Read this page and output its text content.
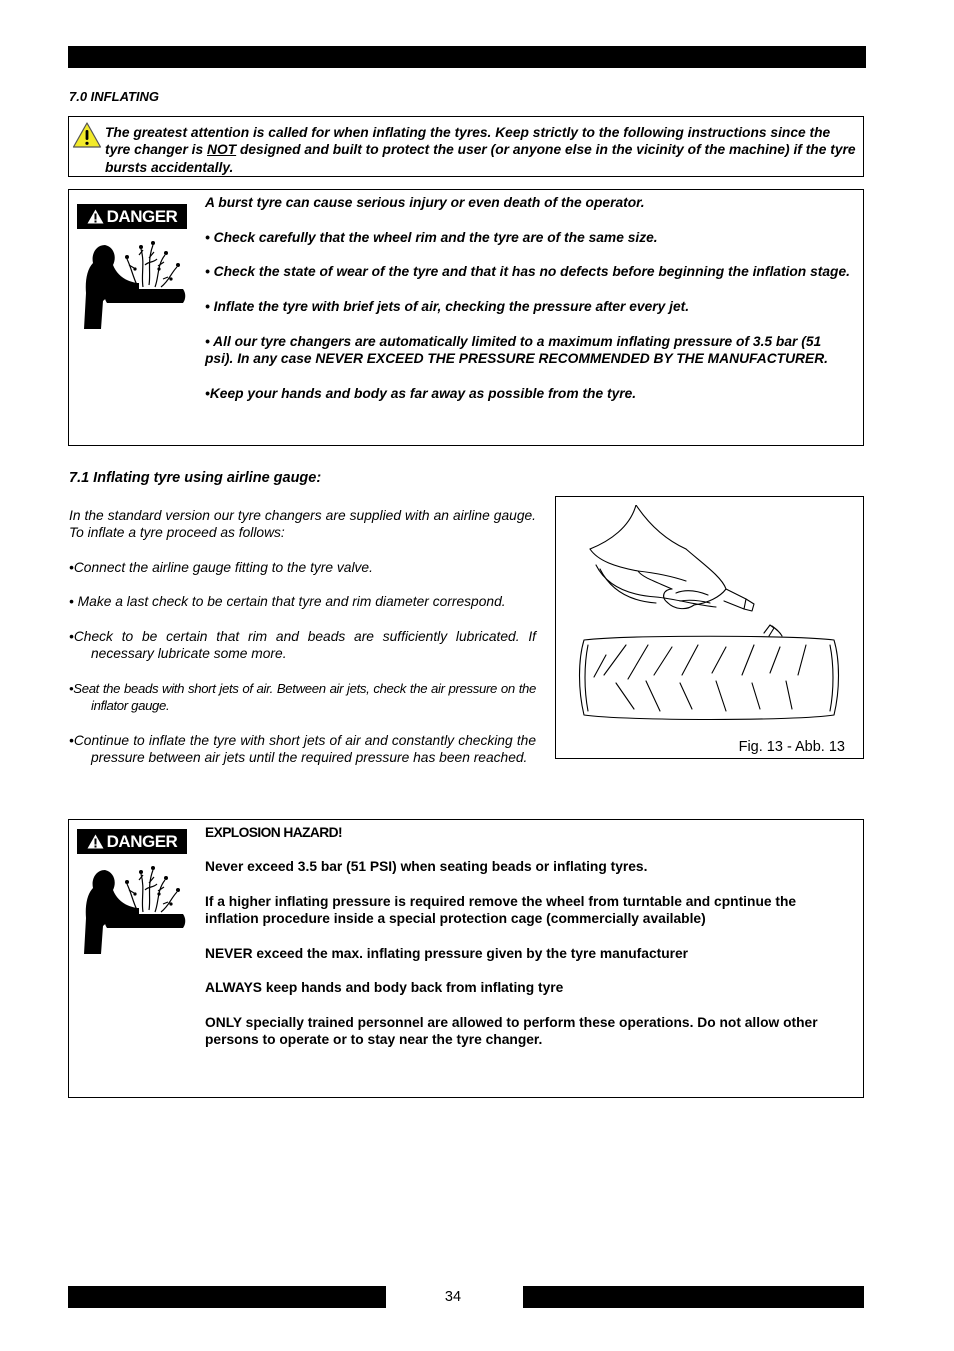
7.0 INFLATING
The greatest attention is called for when inflating the tyres. Keep strictly to the following instructions since the tyre changer is NOT designed and built to protect the user (or anyone else in the vicinity of the machine) if the tyre bursts accidentally.
DANGER

A burst tyre can cause serious injury or even death of the operator.

• Check carefully that the wheel rim and the tyre are of the same size.

• Check the state of wear of the tyre and that it has no defects before beginning the inflation stage.

• Inflate the tyre with brief jets of air, checking the pressure after every jet.

• All our tyre changers are automatically limited to a maximum inflating pressure of 3.5 bar (51 psi). In any case NEVER EXCEED THE PRESSURE RECOMMENDED BY THE MANUFACTURER.

•Keep your hands and body as far away as possible from the tyre.

7.1 Inflating tyre using airline gauge:

In the standard version our tyre changers are supplied with an airline gauge. To inflate a tyre proceed as follows:

•Connect the airline gauge fitting to the tyre valve.

• Make a last check to be certain that tyre and rim diameter correspond.

•Check to be certain that rim and beads are sufficiently lubricated. If necessary lubricate some more.

•Seat the beads with short jets of air. Between air jets, check the air pressure on the inflator gauge.

•Continue to inflate the tyre with short jets of air and constantly checking the pressure between air jets until the required pressure has been reached.

Fig. 13 - Abb. 13
DANGER EXPLOSION HAZARD!

Never exceed 3.5 bar (51 PSI) when seating beads or inflating tyres.

If a higher inflating pressure is required remove the wheel from turntable and cpntinue the inflation procedure inside a special protection cage (commercially available)

NEVER exceed the max. inflating pressure given by the tyre manufacturer

ALWAYS keep hands and body back from inflating tyre

ONLY specially trained personnel are allowed to perform these operations. Do not allow other persons to operate or to stay near the tyre changer.

34
